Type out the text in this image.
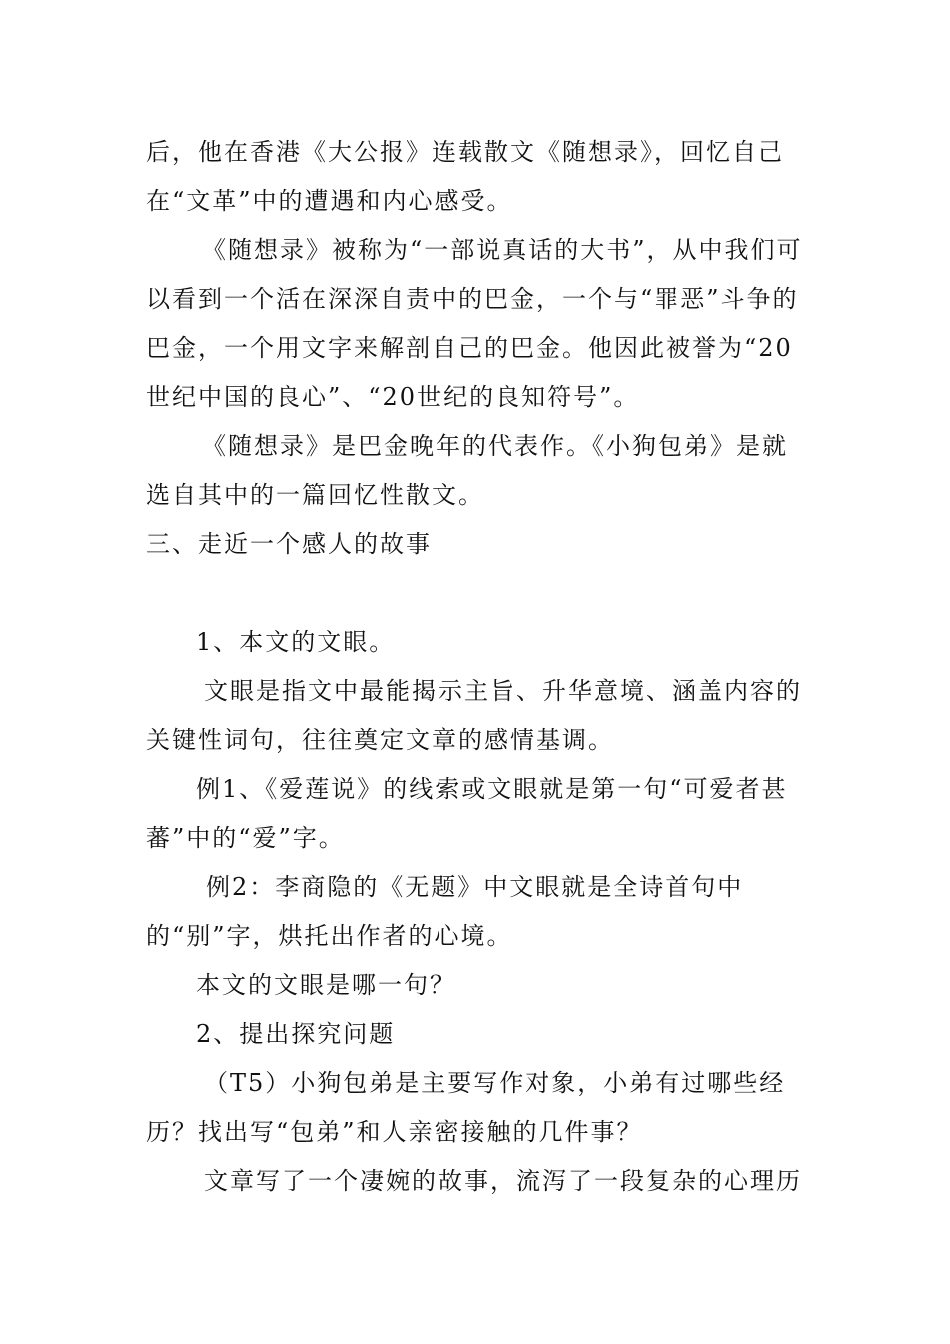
后，他在香港《大公报》连载散文《随想录》，回忆自己在“文革”中的遭遇和内心感受。

《随想录》被称为“一部说真话的大书”，从中我们可以看到一个活在深深自责中的巴金，一个与“罪恶”斗争的巴金，一个用文字来解剖自己的巴金。他因此被誉为“20世纪中国的良心”、“20世纪的良知符号”。

《随想录》是巴金晚年的代表作。《小狗包弟》是就选自其中的一篇回忆性散文。

三、走近一个感人的故事

1、本文的文眼。

文眼是指文中最能揭示主旨、升华意境、涵盖内容的关键性词句，往往奠定文章的感情基调。

例1、《爱莲说》的线索或文眼就是第一句“可爱者甚蕃”中的“爱”字。

例2：李商隐的《无题》中文眼就是全诗首句中的“别”字，烘托出作者的心境。

本文的文眼是哪一句？

2、提出探究问题

（T5）小狗包弟是主要写作对象，小弟有过哪些经历？找出写“包弟”和人亲密接触的几件事？

文章写了一个凄婉的故事，流泻了一段复杂的心理历
